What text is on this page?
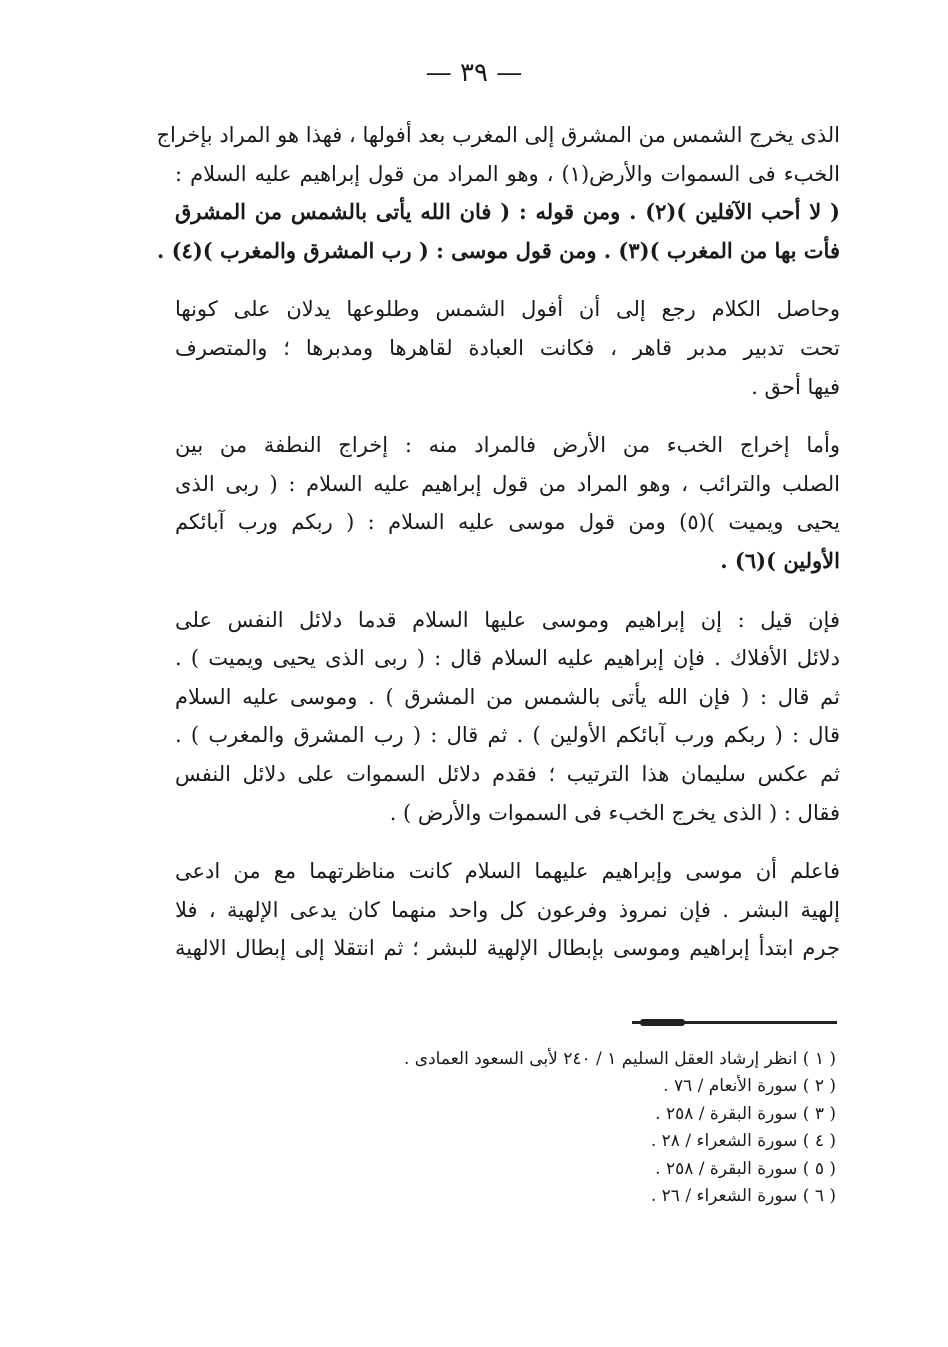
— ٣٩ —

الذى يخرج الشمس من المشرق إلى المغرب بعد أفولها ، فهذا هو المراد بإخراج
الخبء فى السموات والأرض(١) ، وهو المراد من قول إبراهيم عليه السلام :
( لا أحب الآفلين )(٢) . ومن قوله : ( فان الله يأتى بالشمس من المشرق
فأت بها من المغرب )(٣) . ومن قول موسى : ( رب المشرق والمغرب )(٤) .

وحاصل الكلام رجع إلى أن أفول الشمس وطلوعها يدلان على كونها
تحت تدبير مدبر قاهر ، فكانت العبادة لقاهرها ومدبرها ؛ والمتصرف
فيها أحق .

وأما إخراج الخبء من الأرض فالمراد منه : إخراج النطفة من بين
الصلب والترائب ، وهو المراد من قول إبراهيم عليه السلام : ( ربى الذى
يحيى ويميت )(٥) ومن قول موسى عليه السلام : ( ربكم ورب آبائكم
الأولين )(٦) .

فإن قيل : إن إبراهيم وموسى عليها السلام قدما دلائل النفس على
دلائل الأفلاك . فإن إبراهيم عليه السلام قال : ( ربى الذى يحيى ويميت ) .
ثم قال : ( فإن الله يأتى بالشمس من المشرق ) . وموسى عليه السلام
قال : ( ربكم ورب آبائكم الأولين ) . ثم قال : ( رب المشرق والمغرب ) .
ثم عكس سليمان هذا الترتيب ؛ فقدم دلائل السموات على دلائل النفس
فقال : ( الذى يخرج الخبء فى السموات والأرض ) .

فاعلم أن موسى وإبراهيم عليهما السلام كانت مناظرتهما مع من ادعى
إلهية البشر . فإن نمروذ وفرعون كل واحد منهما كان يدعى الإلهية ، فلا
جرم ابتدأ إبراهيم وموسى بإبطال الإلهية للبشر ؛ ثم انتقلا إلى إبطال الالهية

( ١ ) انظر إرشاد العقل السليم ١ / ٢٤٠ لأبى السعود العمادى .
( ٢ ) سورة الأنعام / ٧٦ .
( ٣ ) سورة البقرة / ٢٥٨ .
( ٤ ) سورة الشعراء / ٢٨ .
( ٥ ) سورة البقرة / ٢٥٨ .
( ٦ ) سورة الشعراء / ٢٦ .
